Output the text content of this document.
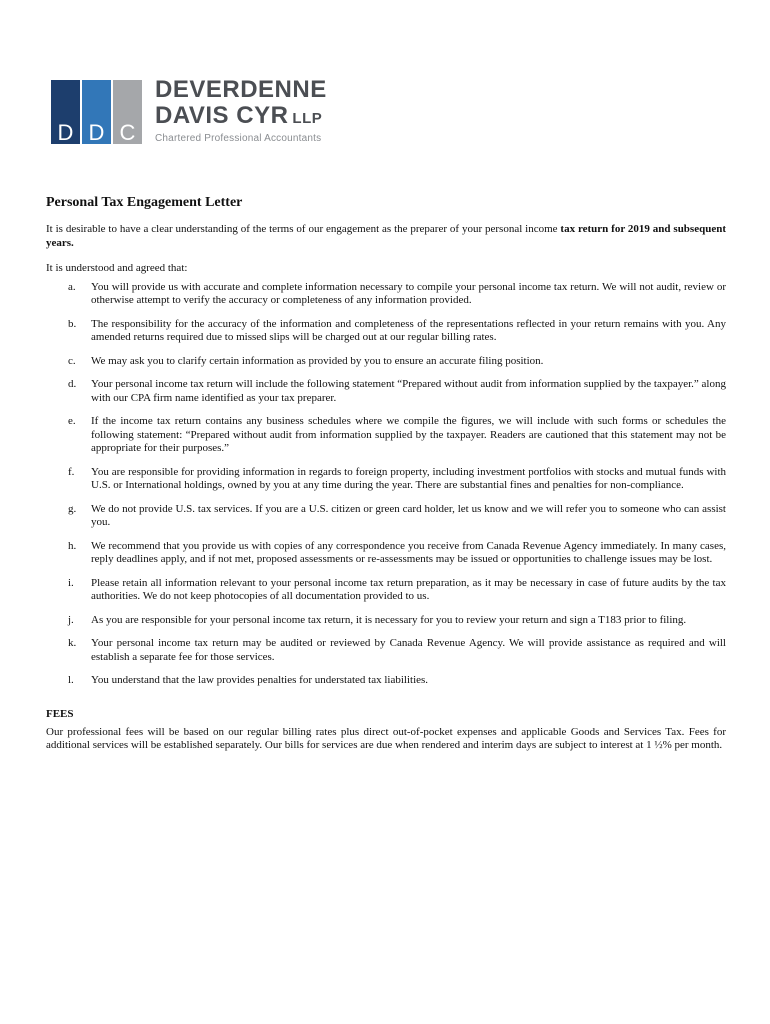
D D C
DEVERDENNE
DAVIS CYR LLP
Chartered Professional Accountants
Personal Tax Engagement Letter

It is desirable to have a clear understanding of the terms of our engagement as the preparer of your personal income tax return for 2019 and subsequent years.

It is understood and agreed that:

a. You will provide us with accurate and complete information necessary to compile your personal income tax return. We will not audit, review or otherwise attempt to verify the accuracy or completeness of any information provided.
b. The responsibility for the accuracy of the information and completeness of the representations reflected in your return remains with you. Any amended returns required due to missed slips will be charged out at our regular billing rates.
c. We may ask you to clarify certain information as provided by you to ensure an accurate filing position.
d. Your personal income tax return will include the following statement “Prepared without audit from information supplied by the taxpayer.” along with our CPA firm name identified as your tax preparer.
e. If the income tax return contains any business schedules where we compile the figures, we will include with such forms or schedules the following statement: “Prepared without audit from information supplied by the taxpayer. Readers are cautioned that this statement may not be appropriate for their purposes.”
f. You are responsible for providing information in regards to foreign property, including investment portfolios with stocks and mutual funds with U.S. or International holdings, owned by you at any time during the year. There are substantial fines and penalties for non-compliance.
g. We do not provide U.S. tax services. If you are a U.S. citizen or green card holder, let us know and we will refer you to someone who can assist you.
h. We recommend that you provide us with copies of any correspondence you receive from Canada Revenue Agency immediately. In many cases, reply deadlines apply, and if not met, proposed assessments or re-assessments may be issued or opportunities to challenge issues may be lost.
i. Please retain all information relevant to your personal income tax return preparation, as it may be necessary in case of future audits by the tax authorities. We do not keep photocopies of all documentation provided to us.
j. As you are responsible for your personal income tax return, it is necessary for you to review your return and sign a T183 prior to filing.
k. Your personal income tax return may be audited or reviewed by Canada Revenue Agency. We will provide assistance as required and will establish a separate fee for those services.
l. You understand that the law provides penalties for understated tax liabilities.
FEES

Our professional fees will be based on our regular billing rates plus direct out-of-pocket expenses and applicable Goods and Services Tax. Fees for additional services will be established separately. Our bills for services are due when rendered and interim days are subject to interest at 1 ½% per month.
